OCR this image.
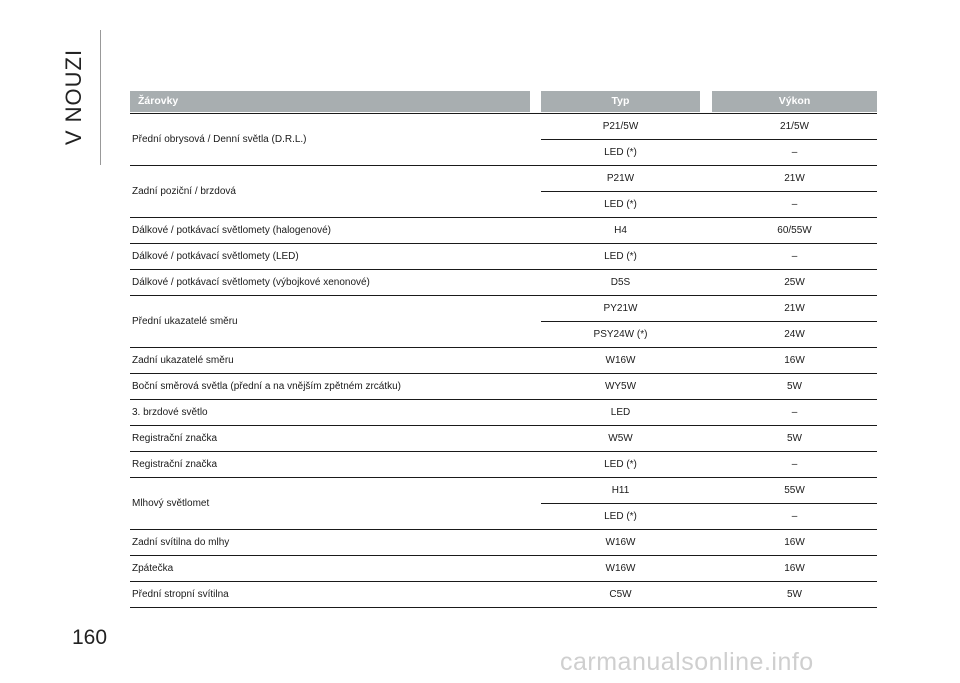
V NOUZI	Žárovky	Typ	Výkon
Přední obrysová / Denní světla (D.R.L.)
P21/5W	21/5W
LED (*)	–
Zadní poziční / brzdová
P21W	21W
LED (*)	–
Dálkové / potkávací světlomety (halogenové)	H4	60/55W
Dálkové / potkávací světlomety (LED)	LED (*)	–
Dálkové / potkávací světlomety (výbojkové xenonové)	D5S	25W
Přední ukazatelé směru
PY21W	21W
PSY24W (*)	24W
Zadní ukazatelé směru	W16W	16W
Boční směrová světla (přední a na vnějším zpětném zrcátku)	WY5W	5W
3. brzdové světlo	LED	–
Registrační značka	W5W	5W
Registrační značka	LED (*)	–
Mlhový světlomet
H11	55W
LED (*)	–
Zadní svítilna do mlhy	W16W	16W
Zpátečka	W16W	16W
Přední stropní svítilna	C5W	5W
160
carmanualsonline.info
